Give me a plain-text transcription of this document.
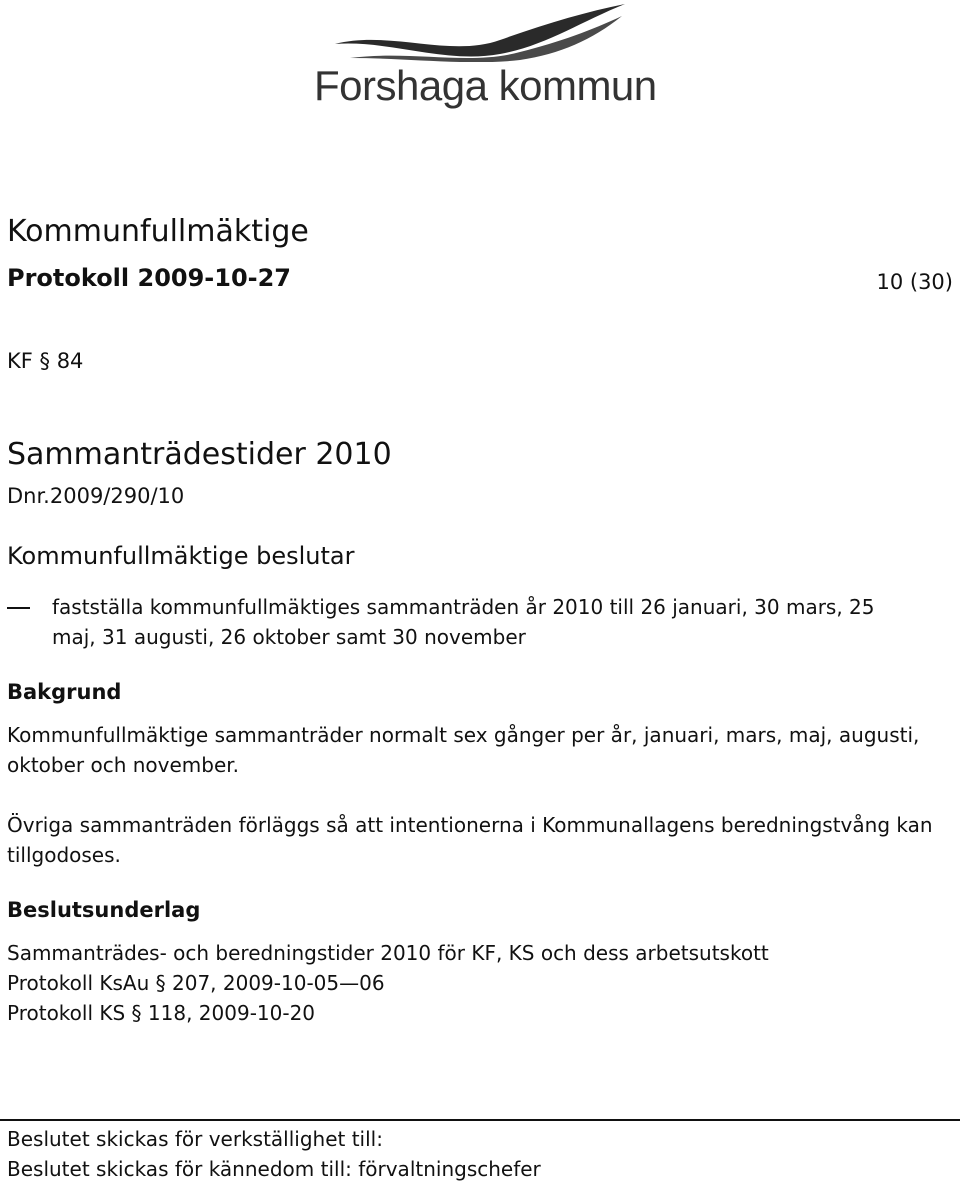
Forshaga kommun
Kommunfullmäktige
Protokoll 2009-10-27	10 (30)
KF § 84
Sammanträdestider 2010
Dnr.2009/290/10
Kommunfullmäktige beslutar
fastställa kommunfullmäktiges sammanträden år 2010 till 26 januari, 30 mars, 25 maj, 31 augusti, 26 oktober samt 30 november
Bakgrund
Kommunfullmäktige sammanträder normalt sex gånger per år, januari, mars, maj, augusti, oktober och november.
Övriga sammanträden förläggs så att intentionerna i Kommunallagens beredningstvång kan tillgodoses.
Beslutsunderlag
Sammanträdes- och beredningstider 2010 för KF, KS och dess arbetsutskott
Protokoll KsAu § 207, 2009-10-05—06
Protokoll KS § 118, 2009-10-20
Beslutet skickas för verkställighet till:
Beslutet skickas för kännedom till: förvaltningschefer
